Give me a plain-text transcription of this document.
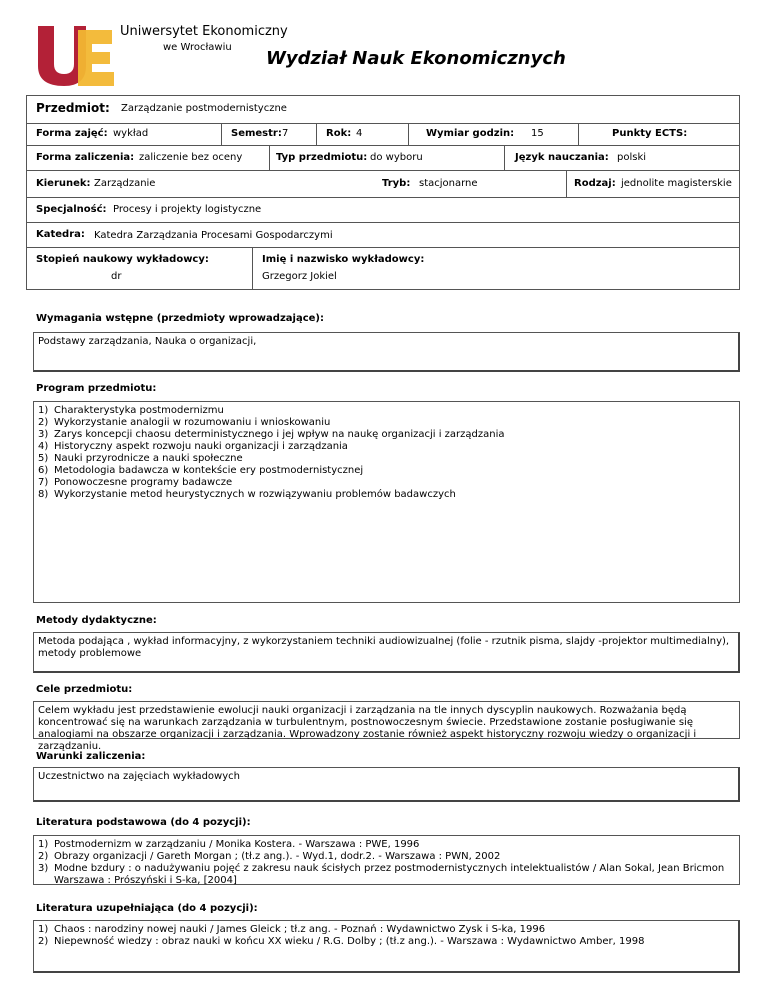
Uniwersytet Ekonomiczny
we Wrocławiu
Wydział Nauk Ekonomicznych
Przedmiot: Zarządzanie postmodernistyczne
Forma zajęć: wykład	Semestr: 7	Rok: 4	Wymiar godzin: 15	Punkty ECTS:
Forma zaliczenia: zaliczenie bez oceny	Typ przedmiotu: do wyboru	Język nauczania: polski
Kierunek: Zarządzanie	Tryb: stacjonarne	Rodzaj: jednolite magisterskie
Specjalność: Procesy i projekty logistyczne
Katedra: Katedra Zarządzania Procesami Gospodarczymi
Stopień naukowy wykładowcy:
dr
Imię i nazwisko wykładowcy:
Grzegorz Jokiel
Wymagania wstępne (przedmioty wprowadzające):
Podstawy zarządzania, Nauka o organizacji,
Program przedmiotu:
1) Charakterystyka postmodernizmu
2) Wykorzystanie analogii w rozumowaniu i wnioskowaniu
3) Zarys koncepcji chaosu deterministycznego i jej wpływ na naukę organizacji i zarządzania
4) Historyczny aspekt rozwoju nauki organizacji i zarządzania
5) Nauki przyrodnicze a nauki społeczne
6) Metodologia badawcza w kontekście ery postmodernistycznej
7) Ponowoczesne programy badawcze
8) Wykorzystanie metod heurystycznych w rozwiązywaniu problemów badawczych
Metody dydaktyczne:
Metoda podająca , wykład informacyjny, z wykorzystaniem techniki audiowizualnej (folie - rzutnik pisma, slajdy -projektor multimedialny), metody problemowe
Cele przedmiotu:
Celem wykładu jest przedstawienie ewolucji nauki organizacji i zarządzania na tle innych dyscyplin naukowych. Rozważania będą koncentrować się na warunkach zarządzania w turbulentnym, postnowoczesnym świecie. Przedstawione zostanie posługiwanie się analogiami na obszarze organizacji i zarządzania. Wprowadzony zostanie również aspekt historyczny rozwoju wiedzy o organizacji i zarządzaniu.
Warunki zaliczenia:
Uczestnictwo na zajęciach wykładowych
Literatura podstawowa (do 4 pozycji):
1) Postmodernizm w zarządzaniu / Monika Kostera. - Warszawa : PWE, 1996
2) Obrazy organizacji / Gareth Morgan ; (tł.z ang.). - Wyd.1, dodr.2. - Warszawa : PWN, 2002
3) Modne bzdury : o nadużywaniu pojęć z zakresu nauk ścisłych przez postmodernistycznych intelektualistów / Alan Sokal, Jean Bricmon Warszawa : Prószyński i S-ka, [2004]
Literatura uzupełniająca (do 4 pozycji):
1) Chaos : narodziny nowej nauki / James Gleick ; tł.z ang. - Poznań : Wydawnictwo Zysk i S-ka, 1996
2) Niepewność wiedzy : obraz nauki w końcu XX wieku / R.G. Dolby ; (tł.z ang.). - Warszawa : Wydawnictwo Amber, 1998
